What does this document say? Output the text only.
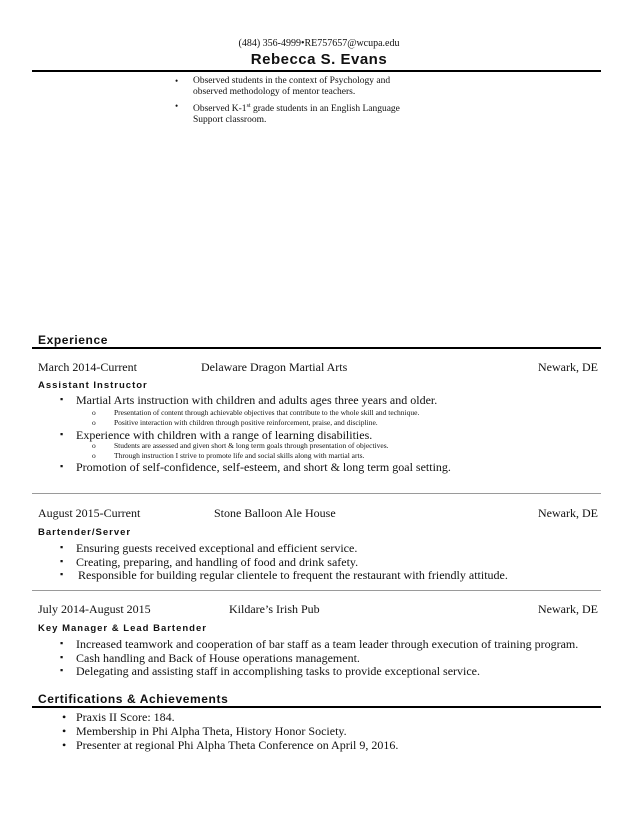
(484) 356-4999•RE757657@wcupa.edu
Rebecca S. Evans
• Observed students in the context of Psychology and observed methodology of mentor teachers.
• Observed K-1st grade students in an English Language Support classroom.
Experience
March 2014-Current	Delaware Dragon Martial Arts	Newark, DE
Assistant Instructor
▪ Martial Arts instruction with children and adults ages three years and older.
o Presentation of content through achievable objectives that contribute to the whole skill and technique.
o Positive interaction with children through positive reinforcement, praise, and discipline.
▪ Experience with children with a range of learning disabilities.
o Students are assessed and given short & long term goals through presentation of objectives.
o Through instruction I strive to promote life and social skills along with martial arts.
▪ Promotion of self-confidence, self-esteem, and short & long term goal setting.
August 2015-Current	Stone Balloon Ale House	Newark, DE
Bartender/Server
▪ Ensuring guests received exceptional and efficient service.
▪ Creating, preparing, and handling of food and drink safety.
▪ Responsible for building regular clientele to frequent the restaurant with friendly attitude.
July 2014-August 2015	Kildare’s Irish Pub	Newark, DE
Key Manager & Lead Bartender
▪ Increased teamwork and cooperation of bar staff as a team leader through execution of training program.
▪ Cash handling and Back of House operations management.
▪ Delegating and assisting staff in accomplishing tasks to provide exceptional service.
Certifications & Achievements
• Praxis II Score: 184.
• Membership in Phi Alpha Theta, History Honor Society.
• Presenter at regional Phi Alpha Theta Conference on April 9, 2016.
